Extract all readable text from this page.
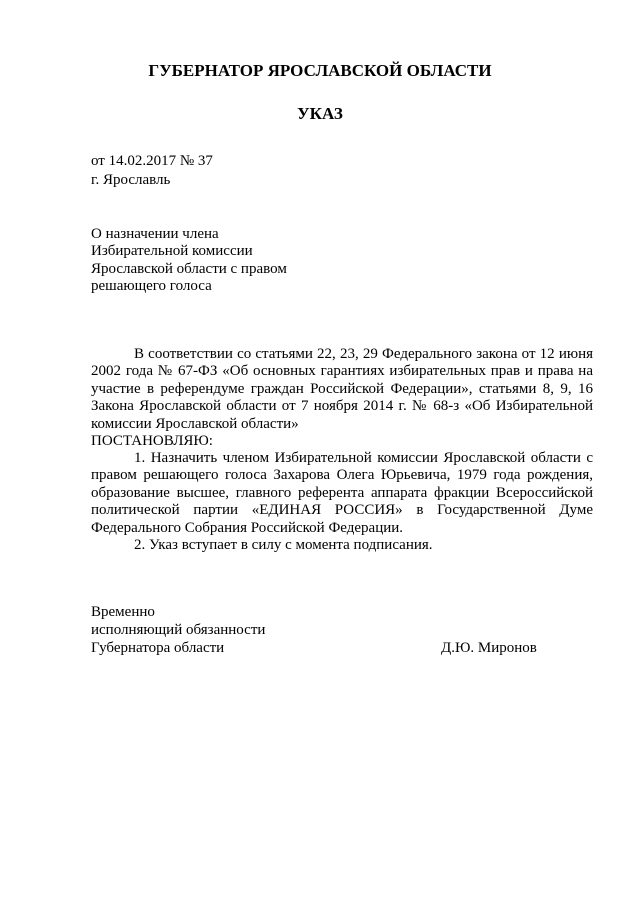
ГУБЕРНАТОР ЯРОСЛАВСКОЙ ОБЛАСТИ
УКАЗ

от 14.02.2017 № 37

г. Ярославль

О назначении члена

Избирательной комиссии

Ярославской области с правом

решающего голоса

В соответствии со статьями 22, 23, 29 Федерального закона от 12 июня 2002 года № 67-ФЗ «Об основных гарантиях избирательных прав и права на участие в референдуме граждан Российской Федерации», статьями 8, 9, 16 Закона Ярославской области от 7 ноября 2014 г. № 68-з «Об Избирательной комиссии Ярославской области»

ПОСТАНОВЛЯЮ:

1. Назначить членом Избирательной комиссии Ярославской области с правом решающего голоса Захарова Олега Юрьевича, 1979 года рождения, образование высшее, главного референта аппарата фракции Всероссийской политической партии «ЕДИНАЯ РОССИЯ» в Государственной Думе Федерального Собрания Российской Федерации.

2. Указ вступает в силу с момента подписания.

Временно

исполняющий обязанности

Губернатора области	Д.Ю. Миронов
